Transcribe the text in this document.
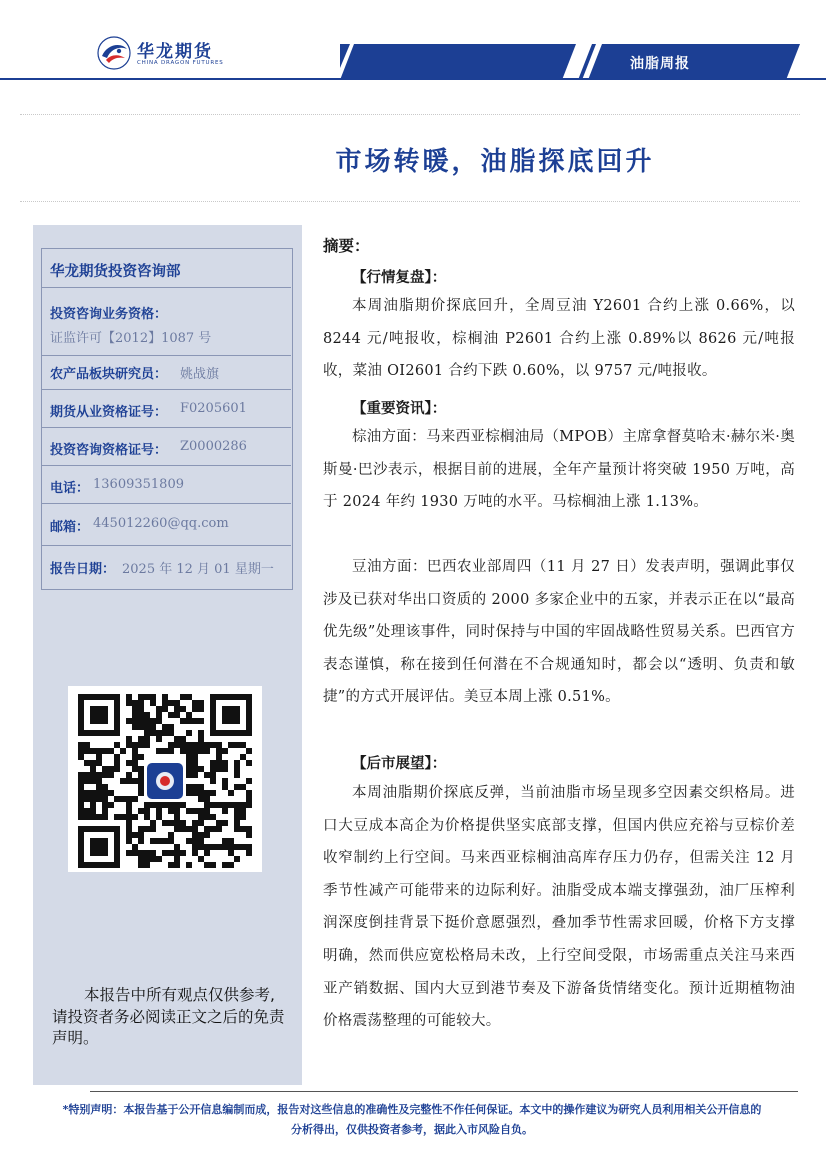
华龙期货
CHINA DRAGON FUTURES	油脂周报
市场转暖，油脂探底回升
华龙期货投资咨询部
投资咨询业务资格：
证监许可【2012】1087 号
农产品板块研究员： 姚战旗
期货从业资格证号： F0205601
投资咨询资格证号： Z0000286
电话： 13609351809
邮箱： 445012260@qq.com
报告日期： 2025 年 12 月 01 星期一
本报告中所有观点仅供参考,请投资者务必阅读正文之后的免责声明。
摘要：
【行情复盘】：
本周油脂期价探底回升，全周豆油 Y2601 合约上涨 0.66%，以 8244 元/吨报收，棕榈油 P2601 合约上涨 0.89%以 8626 元/吨报收，菜油 OI2601 合约下跌 0.60%，以 9757 元/吨报收。
【重要资讯】：
棕油方面：马来西亚棕榈油局（MPOB）主席拿督莫哈末·赫尔米·奥斯曼·巴沙表示，根据目前的进展，全年产量预计将突破 1950 万吨，高于 2024 年约 1930 万吨的水平。马棕榈油上涨 1.13%。
豆油方面：巴西农业部周四（11 月 27 日）发表声明，强调此事仅涉及已获对华出口资质的 2000 多家企业中的五家，并表示正在以“最高优先级”处理该事件，同时保持与中国的牢固战略性贸易关系。巴西官方表态谨慎，称在接到任何潜在不合规通知时，都会以“透明、负责和敏捷”的方式开展评估。美豆本周上涨 0.51%。
【后市展望】：
本周油脂期价探底反弹，当前油脂市场呈现多空因素交织格局。进口大豆成本高企为价格提供坚实底部支撑，但国内供应充裕与豆棕价差收窄制约上行空间。马来西亚棕榈油高库存压力仍存，但需关注 12 月季节性减产可能带来的边际利好。油脂受成本端支撑强劲，油厂压榨利润深度倒挂背景下挺价意愿强烈，叠加季节性需求回暖，价格下方支撑明确，然而供应宽松格局未改，上行空间受限，市场需重点关注马来西亚产销数据、国内大豆到港节奏及下游备货情绪变化。预计近期植物油价格震荡整理的可能较大。
*特别声明：本报告基于公开信息编制而成，报告对这些信息的准确性及完整性不作任何保证。本文中的操作建议为研究人员利用相关公开信息的分析得出，仅供投资者参考，据此入市风险自负。
